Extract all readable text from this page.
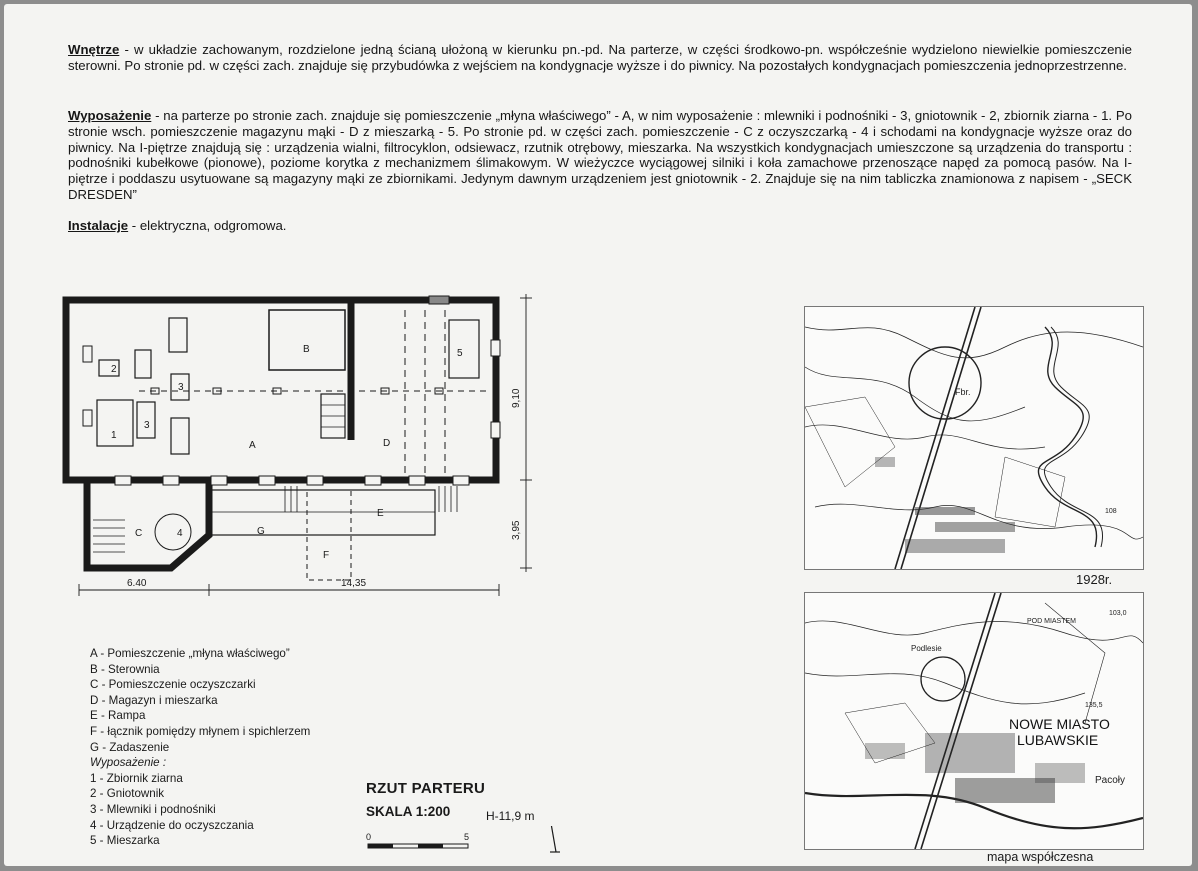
Wnętrze - w układzie zachowanym, rozdzielone jedną ścianą ułożoną w kierunku pn.-pd. Na parterze, w części środkowo-pn. współcześnie wydzielono niewielkie pomieszczenie sterowni. Po stronie pd. w części zach. znajduje się przybudówka z wejściem na kondygnacje wyższe i do piwnicy. Na pozostałych kondygnacjach pomieszczenia jednoprzestrzenne.
Wyposażenie - na parterze po stronie zach. znajduje się pomieszczenie „młyna właściwego” - A, w nim wyposażenie : mlewniki i podnośniki - 3, gniotownik - 2, zbiornik ziarna - 1. Po stronie wsch. pomieszczenie magazynu mąki - D z mieszarką - 5. Po stronie pd. w części zach. pomieszczenie - C z oczyszczarką - 4 i schodami na kondygnacje wyższe oraz do piwnicy. Na I-piętrze znajdują się : urządzenia wialni, filtrocyklon, odsiewacz, rzutnik otrębowy, mieszarka. Na wszystkich kondygnacjach umieszczone są urządzenia do transportu : podnośniki kubełkowe (pionowe), poziome korytka z mechanizmem ślimakowym. W wieżyczce wyciągowej silniki i koła zamachowe przenoszące napęd za pomocą pasów. Na I-piętrze i poddaszu usytuowane są magazyny mąki ze zbiornikami. Jedynym dawnym urządzeniem jest gniotownik - 2. Znajduje się na nim tabliczka znamionowa z napisem - „SECK DRESDEN”
Instalacje - elektryczna, odgromowa.
2
3
1
3
5
4
A
B
C
D
E
F
G
6.40	14,35
9,10
3,95
A - Pomieszczenie „młyna właściwego”
B - Sterownia
C - Pomieszczenie oczyszczarki
D - Magazyn i mieszarka
E - Rampa
F - łącznik pomiędzy młynem i spichlerzem
G - Zadaszenie
Wyposażenie :
1 - Zbiornik ziarna
2 - Gniotownik
3 - Mlewniki i podnośniki
4 - Urządzenie do oczyszczania
5 - Mieszarka
RZUT PARTERU
SKALA 1:200	H-11,9 m
0	5
Fbr.
108
1928r.
NOWE MIASTO
LUBAWSKIE
Podlesie
Pacoły
135,5
POD MIASTEM
103,0
mapa współczesna
